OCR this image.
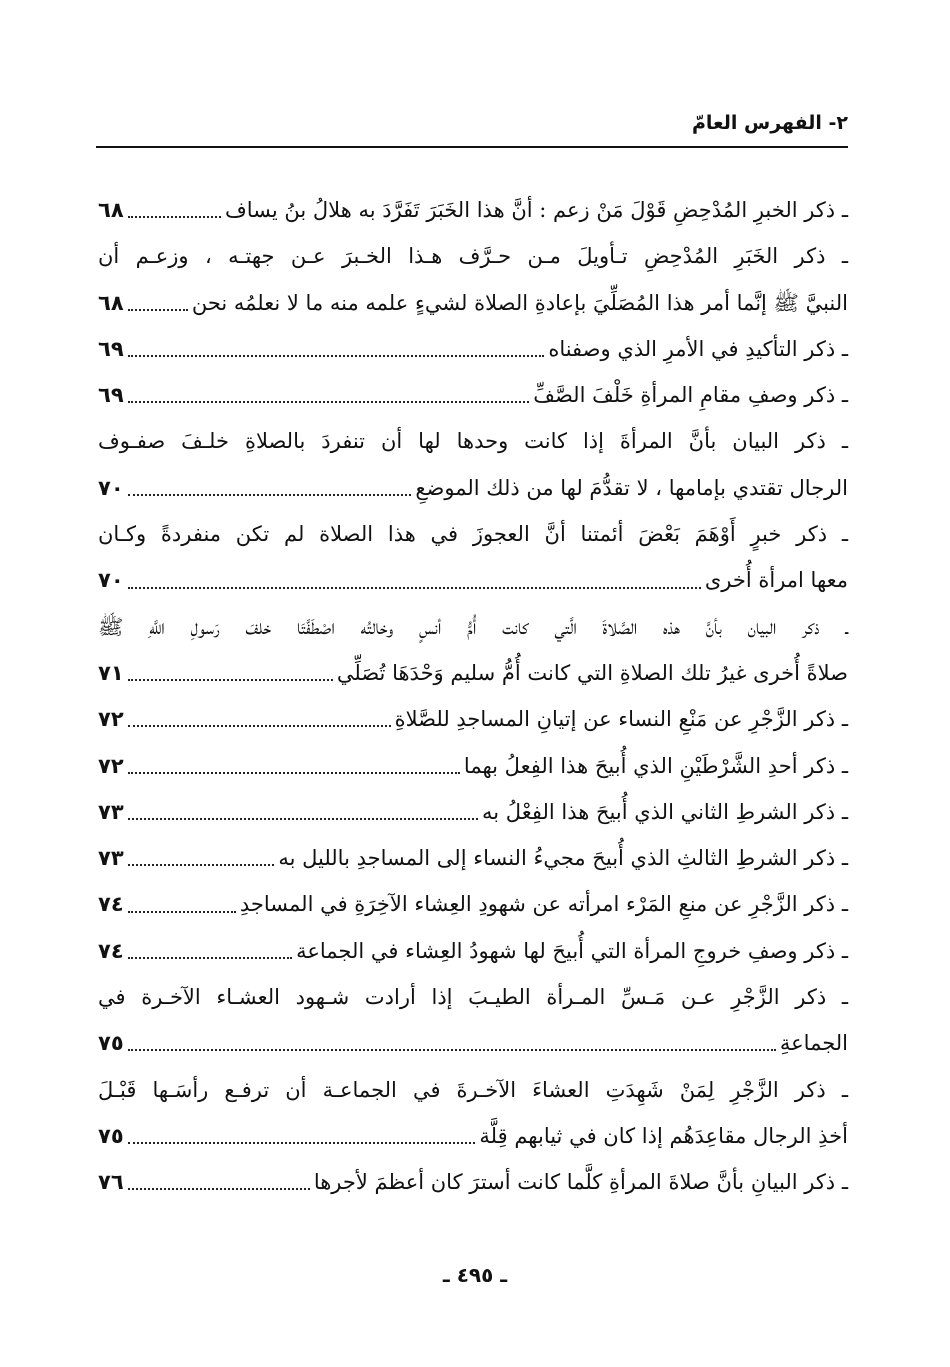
٢- الفهرس العامّ
ـ ذكر الخبرِ المُدْحِضِ قَوْلَ مَنْ زعم : أنَّ هذا الخَبَرَ تَفَرَّدَ به هلالُ بنُ يساف
٦٨
ـ ذكر الخَبَرِ المُدْحِضِ تـأويلَ مـن حـرَّف هـذا الخـبرَ عـن جهتـه ، وزعـم أن
النبيَّ ﷺ إنَّما أمر هذا المُصَلِّيَ بإعادةِ الصلاة لشيءٍ علمه منه ما لا نعلمُه نحن
٦٨
ـ ذكر التأكيدِ في الأمرِ الذي وصفناه
٦٩
ـ ذكر وصفِ مقامِ المرأةِ خَلْفَ الصَّفِّ
٦٩
ـ ذكر البيان بأنَّ المرأةَ إذا كانت وحدها لها أن تنفردَ بالصلاةِ خلـفَ صفـوف
الرجال تقتدي بإمامها ، لا تقدُّمَ لها من ذلك الموضعِ
٧٠
ـ ذكر خبرٍ أَوْهَمَ بَعْضَ أئمتنا أنَّ العجوزَ في هذا الصلاة لم تكن منفردةً وكـان
معها امرأة أُخرى
٧٠
ـ ذكر البيان بأنَّ هذه الصَّلاةَ الَّتي كانت أُمُّ أنسٍ وخالتُه اصْطَفَّتَا خلفَ رَسولِ اللَّهِ ﷺ
صلاةً أُخرى غيرُ تلك الصلاةِ التي كانت أُمُّ سليم وَحْدَهَا تُصَلِّي
٧١
ـ ذكر الزَّجْرِ عن مَنْعِ النساء عن إتيانِ المساجدِ للصَّلاةِ
٧٢
ـ ذكر أحدِ الشَّرْطَيْنِ الذي أُبيحَ هذا الفِعلُ بهما
٧٢
ـ ذكر الشرطِ الثاني الذي أُبيحَ هذا الفِعْلُ به
٧٣
ـ ذكر الشرطِ الثالثِ الذي أُبيحَ مجيءُ النساء إلى المساجدِ بالليل به
٧٣
ـ ذكر الزَّجْرِ عن منعِ المَرْء امرأته عن شهودِ العِشاء الآخِرَةِ في المساجدِ
٧٤
ـ ذكر وصفِ خروجِ المرأة التي أُبيحَ لها شهودُ العِشاء في الجماعة
٧٤
ـ ذكر الزَّجْرِ عـن مَـسِّ المـرأة الطيـبَ إذا أرادت شـهود العشـاء الآخـرة في
الجماعةِ
٧٥
ـ ذكر الزَّجْرِ لِمَنْ شَهِدَتِ العشاءَ الآخـرةَ في الجماعـة أن ترفـع رأسَـها قَبْـلَ
أخذِ الرجال مقاعِدَهُم إذا كان في ثيابهم قِلَّة
٧٥
ـ ذكر البيانِ بأنَّ صلاةَ المرأةِ كلَّما كانت أسترَ كان أعظمَ لأجرها
٧٦
ـ ٤٩٥ ـ
